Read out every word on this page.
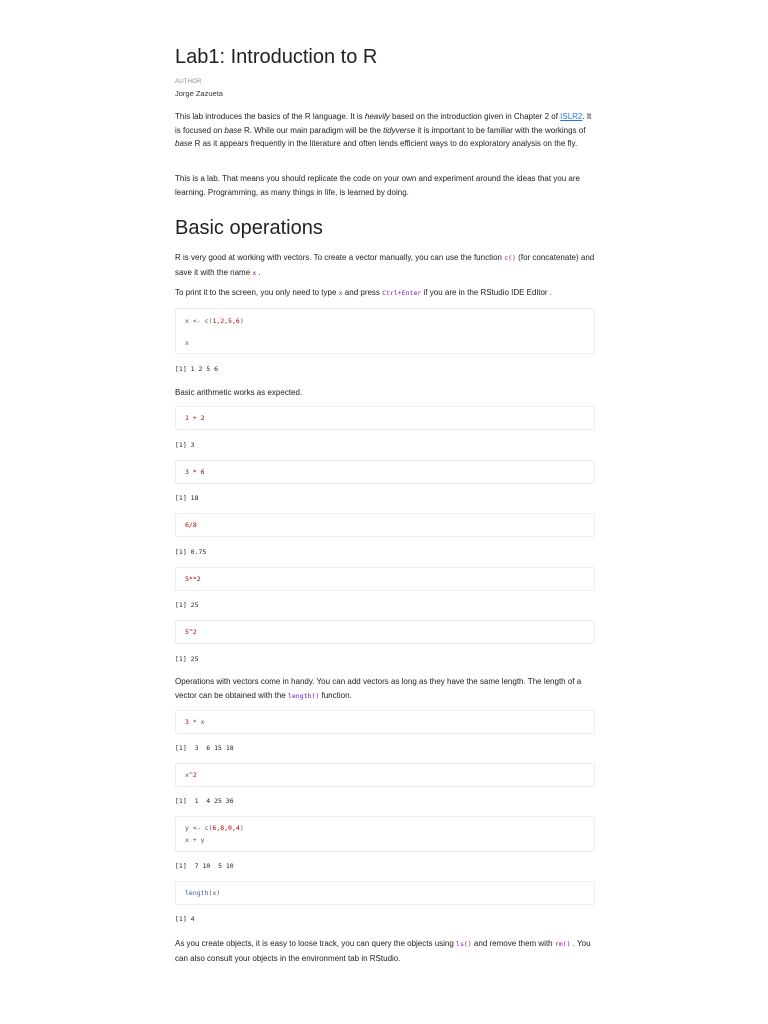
Lab1: Introduction to R
AUTHOR
Jorge Zazueta

This lab introduces the basics of the R language. It is heavily based on the introduction given in Chapter 2 of ISLR2. It is focused on base R. While our main paradigm will be the tidyverse it is important to be familiar with the workings of base R as it appears frequently in the literature and often lends efficient ways to do exploratory analysis on the fly.

This is a lab. That means you should replicate the code on your own and experiment around the ideas that you are learning. Programming, as many things in life, is learned by doing.

Basic operations

R is very good at working with vectors. To create a vector manually, you can use the function c() (for concatenate) and save it with the name x .

To print it to the screen, you only need to type x and press Ctrl+Enter if you are in the RStudio IDE Editor .

x <- c(1,2,5,6)
x
[1] 1 2 5 6

Basic arithmetic works as expected.

1 + 2
[1] 3
3 * 6
[1] 18
6/8
[1] 0.75
5**2
[1] 25
5^2
[1] 25

Operations with vectors come in handy. You can add vectors as long as they have the same length. The length of a vector can be obtained with the length() function.

3 * x
[1]  3  6 15 18
x^2
[1]  1  4 25 36
y <- c(6,8,0,4)
x + y
[1]  7 10  5 10
length(x)
[1] 4

As you create objects, it is easy to loose track, you can query the objects using ls() and remove them with rm() . You can also consult your objects in the environment tab in RStudio.
